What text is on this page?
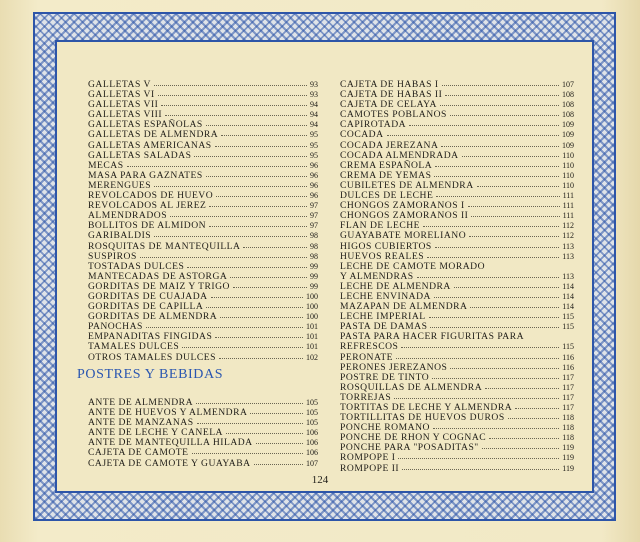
GALLETAS V	93
GALLETAS VI	93
GALLETAS VII	94
GALLETAS VIII	94
GALLETAS ESPAÑOLAS	94
GALLETAS DE ALMENDRA	95
GALLETAS AMERICANAS	95
GALLETAS SALADAS	95
MECAS	96
MASA PARA GAZNATES	96
MERENGUES	96
REVOLCADOS DE HUEVO	96
REVOLCADOS AL JEREZ	97
ALMENDRADOS	97
BOLLITOS DE ALMIDON	97
GARIBALDIS	98
ROSQUITAS DE MANTEQUILLA	98
SUSPIROS	98
TOSTADAS DULCES	99
MANTECADAS DE ASTORGA	99
GORDITAS DE MAIZ Y TRIGO	99
GORDITAS DE CUAJADA	100
GORDITAS DE CAPILLA	100
GORDITAS DE ALMENDRA	100
PANOCHAS	101
EMPANADITAS FINGIDAS	101
TAMALES DULCES	101
OTROS TAMALES DULCES	102
POSTRES Y BEBIDAS
ANTE DE ALMENDRA	105
ANTE DE HUEVOS Y ALMENDRA	105
ANTE DE MANZANAS	105
ANTE DE LECHE Y CANELA	106
ANTE DE MANTEQUILLA HILADA	106
CAJETA DE CAMOTE	106
CAJETA DE CAMOTE Y GUAYABA	107
CAJETA DE HABAS I	107
CAJETA DE HABAS II	108
CAJETA DE CELAYA	108
CAMOTES POBLANOS	108
CAPIROTADA	109
COCADA	109
COCADA JEREZANA	109
COCADA ALMENDRADA	110
CREMA ESPAÑOLA	110
CREMA DE YEMAS	110
CUBILETES DE ALMENDRA	110
DULCES DE LECHE	111
CHONGOS ZAMORANOS I	111
CHONGOS ZAMORANOS II	111
FLAN DE LECHE	112
GUAYABATE MORELIANO	112
HIGOS CUBIERTOS	113
HUEVOS REALES	113
LECHE DE CAMOTE MORADO
Y ALMENDRAS	113
LECHE DE ALMENDRA	114
LECHE ENVINADA	114
MAZAPAN DE ALMENDRA	114
LECHE IMPERIAL	115
PASTA DE DAMAS	115
PASTA PARA HACER FIGURITAS PARA
REFRESCOS	115
PERONATE	116
PERONES JEREZANOS	116
POSTRE DE TINTO	117
ROSQUILLAS DE ALMENDRA	117
TORREJAS	117
TORTITAS DE LECHE Y ALMENDRA	117
TORTILLITAS DE HUEVOS DUROS	118
PONCHE ROMANO	118
PONCHE DE RHON Y COGNAC	118
PONCHE PARA "POSADITAS"	119
ROMPOPE I	119
ROMPOPE II	119
124
